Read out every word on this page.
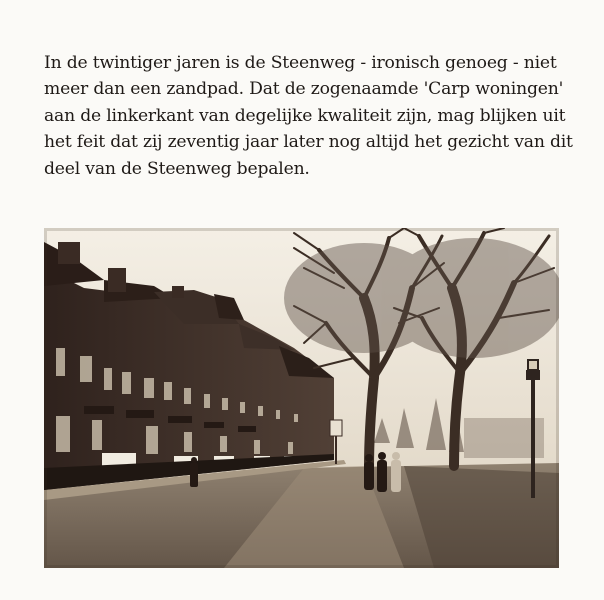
In de twintiger jaren is de Steenweg - ironisch genoeg - niet
meer dan een zandpad. Dat de zogenaamde 'Carp woningen'
aan de linkerkant van degelijke kwaliteit zijn, mag blijken uit
het feit dat zij zeventig jaar later nog altijd het gezicht van dit
deel van de Steenweg bepalen.
